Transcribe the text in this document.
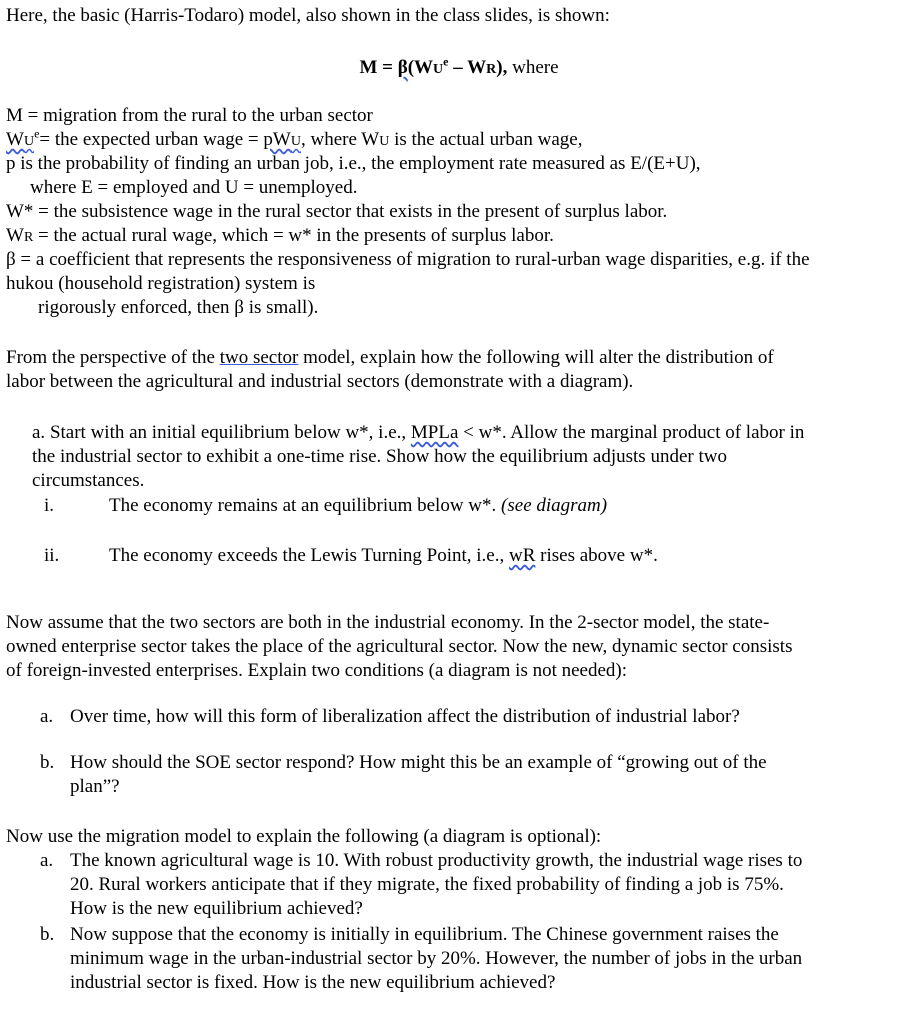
Here, the basic (Harris-Todaro) model, also shown in the class slides, is shown:
$M = \beta(WU^e - WR)$, where
M = migration from the rural to the urban sector
$WU^e=$ the expected urban wage = pWU, where WU is the actual urban wage,
p is the probability of finding an urban job, i.e., the employment rate measured as E/(E+U),
where E = employed and U = unemployed.
W* = the subsistence wage in the rural sector that exists in the present of surplus labor.
WR = the actual rural wage, which = w* in the presents of surplus labor.
β = a coefficient that represents the responsiveness of migration to rural-urban wage disparities, e.g. if the
hukou (household registration) system is
rigorously enforced, then β is small).
From the perspective of the two sector model, explain how the following will alter the distribution of
labor between the agricultural and industrial sectors (demonstrate with a diagram).
a. Start with an initial equilibrium below w*, i.e., MPLa < w*. Allow the marginal product of labor in
the industrial sector to exhibit a one-time rise. Show how the equilibrium adjusts under two
circumstances.
i.	The economy remains at an equilibrium below w*. (see diagram)
ii.	The economy exceeds the Lewis Turning Point, i.e., wR rises above w*.
Now assume that the two sectors are both in the industrial economy. In the 2-sector model, the state-
owned enterprise sector takes the place of the agricultural sector. Now the new, dynamic sector consists
of foreign-invested enterprises. Explain two conditions (a diagram is not needed):
a. Over time, how will this form of liberalization affect the distribution of industrial labor?
b. How should the SOE sector respond? How might this be an example of “growing out of the
plan”?
Now use the migration model to explain the following (a diagram is optional):
a. The known agricultural wage is 10. With robust productivity growth, the industrial wage rises to
20. Rural workers anticipate that if they migrate, the fixed probability of finding a job is 75%.
How is the new equilibrium achieved?
b. Now suppose that the economy is initially in equilibrium. The Chinese government raises the
minimum wage in the urban-industrial sector by 20%. However, the number of jobs in the urban
industrial sector is fixed. How is the new equilibrium achieved?
